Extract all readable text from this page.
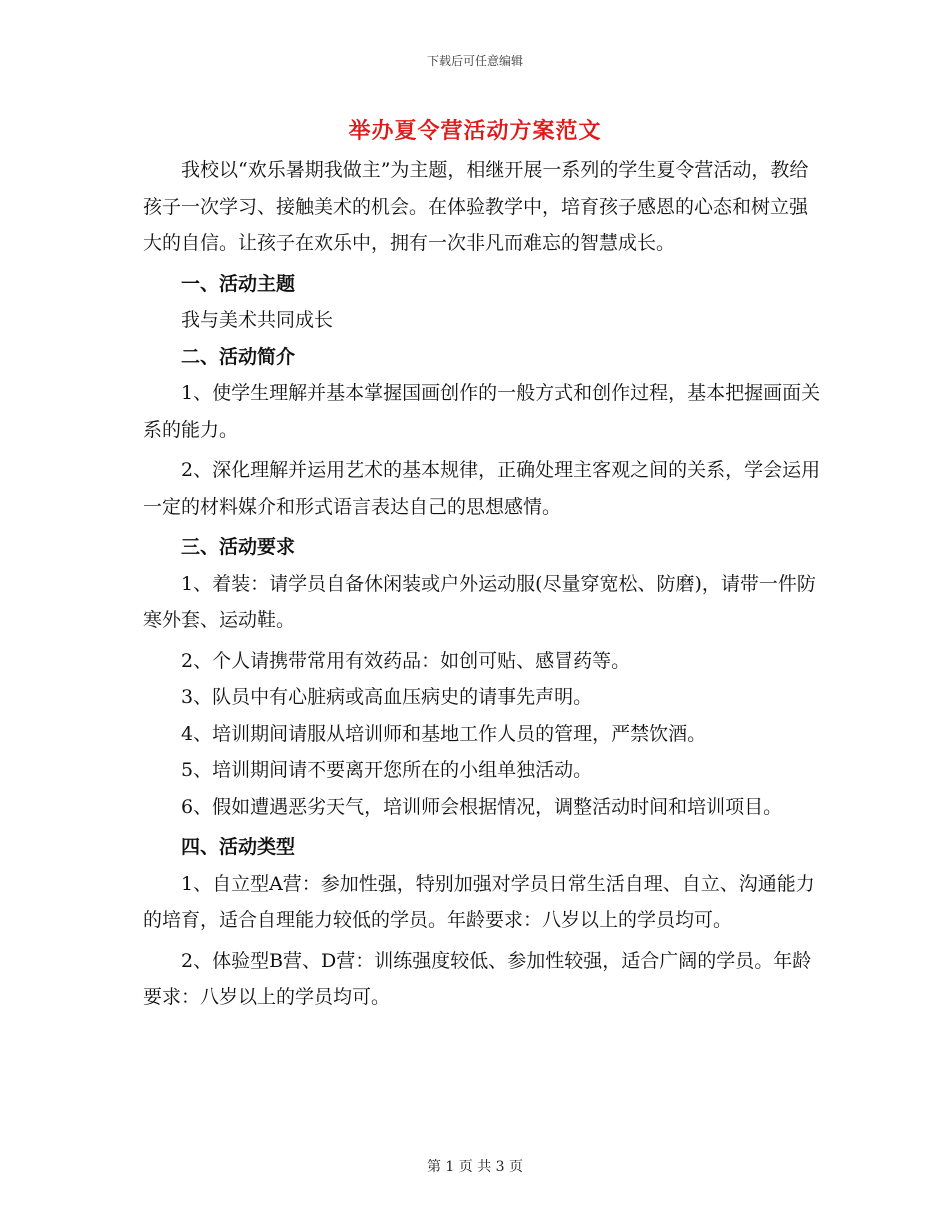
下载后可任意编辑
举办夏令营活动方案范文

我校以“欢乐暑期我做主”为主题，相继开展一系列的学生夏令营活动，教给孩子一次学习、接触美术的机会。在体验教学中，培育孩子感恩的心态和树立强大的自信。让孩子在欢乐中，拥有一次非凡而难忘的智慧成长。

一、活动主题

我与美术共同成长

二、活动简介

1、使学生理解并基本掌握国画创作的一般方式和创作过程，基本把握画面关系的能力。

2、深化理解并运用艺术的基本规律，正确处理主客观之间的关系，学会运用一定的材料媒介和形式语言表达自己的思想感情。

三、活动要求

1、着装：请学员自备休闲装或户外运动服(尽量穿宽松、防磨)，请带一件防寒外套、运动鞋。

2、个人请携带常用有效药品：如创可贴、感冒药等。

3、队员中有心脏病或高血压病史的请事先声明。

4、培训期间请服从培训师和基地工作人员的管理，严禁饮酒。

5、培训期间请不要离开您所在的小组单独活动。

6、假如遭遇恶劣天气，培训师会根据情况，调整活动时间和培训项目。

四、活动类型

1、自立型A营：参加性强，特别加强对学员日常生活自理、自立、沟通能力的培育，适合自理能力较低的学员。年龄要求：八岁以上的学员均可。

2、体验型B营、D营：训练强度较低、参加性较强，适合广阔的学员。年龄要求：八岁以上的学员均可。

第 1 页 共 3 页
